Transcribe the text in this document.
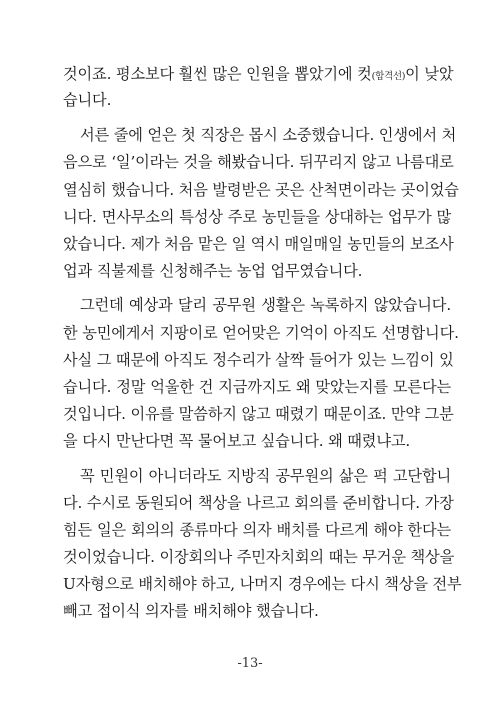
것이죠. 평소보다 훨씬 많은 인원을 뽑았기에 컷(합격선)이 낮았
습니다.
서른 줄에 얻은 첫 직장은 몹시 소중했습니다. 인생에서 처
음으로 ‘일’이라는 것을 해봤습니다. 뒤꾸리지 않고 나름대로
열심히 했습니다. 처음 발령받은 곳은 산척면이라는 곳이었습
니다. 면사무소의 특성상 주로 농민들을 상대하는 업무가 많
았습니다. 제가 처음 맡은 일 역시 매일매일 농민들의 보조사
업과 직불제를 신청해주는 농업 업무였습니다.
그런데 예상과 달리 공무원 생활은 녹록하지 않았습니다.
한 농민에게서 지팡이로 얻어맞은 기억이 아직도 선명합니다.
사실 그 때문에 아직도 정수리가 살짝 들어가 있는 느낌이 있
습니다. 정말 억울한 건 지금까지도 왜 맞았는지를 모른다는
것입니다. 이유를 말씀하지 않고 때렸기 때문이죠. 만약 그분
을 다시 만난다면 꼭 물어보고 싶습니다. 왜 때렸냐고.
꼭 민원이 아니더라도 지방직 공무원의 삶은 퍽 고단합니
다. 수시로 동원되어 책상을 나르고 회의를 준비합니다. 가장
힘든 일은 회의의 종류마다 의자 배치를 다르게 해야 한다는
것이었습니다. 이장회의나 주민자치회의 때는 무거운 책상을
U자형으로 배치해야 하고, 나머지 경우에는 다시 책상을 전부
빼고 접이식 의자를 배치해야 했습니다.
-13-
